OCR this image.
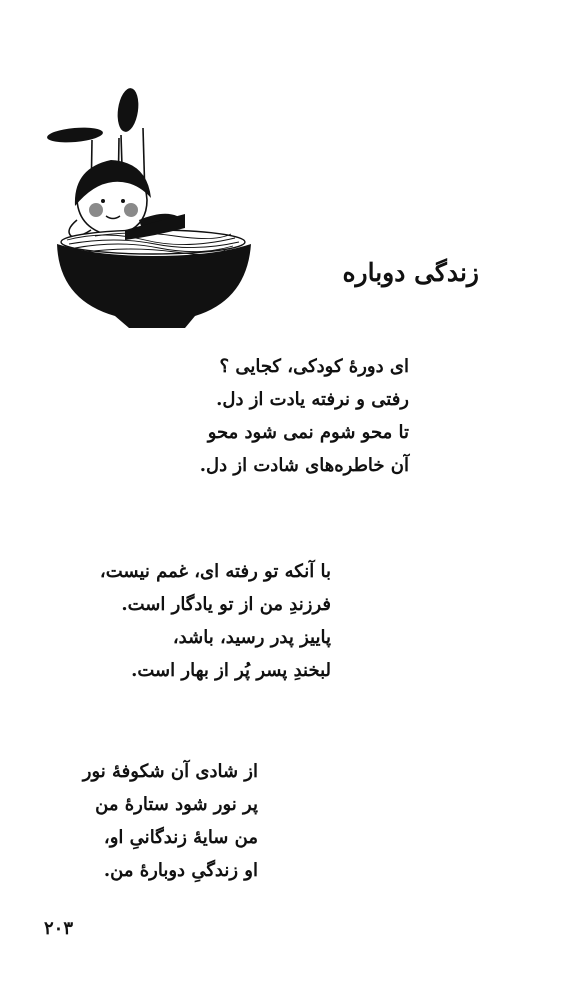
زندگی دوباره
ای دورهٔ کودکی، کجایی ؟
رفتی و نرفته یادت از دل.
تا محو شوم نمی شود محو
آن خاطره‌های شادت از دل.
با آنکه تو رفته ای، غمم نیست،
فرزندِ من از تو یادگار است.
پاییز پدر رسید، باشد،
لبخندِ پسر پُر از بهار است.
از شادی آن شکوفهٔ نور
پر نور شود ستارهٔ من
من سایهٔ زندگانیِ او،
او زندگیِ دوبارهٔ من.
۲۰۳
